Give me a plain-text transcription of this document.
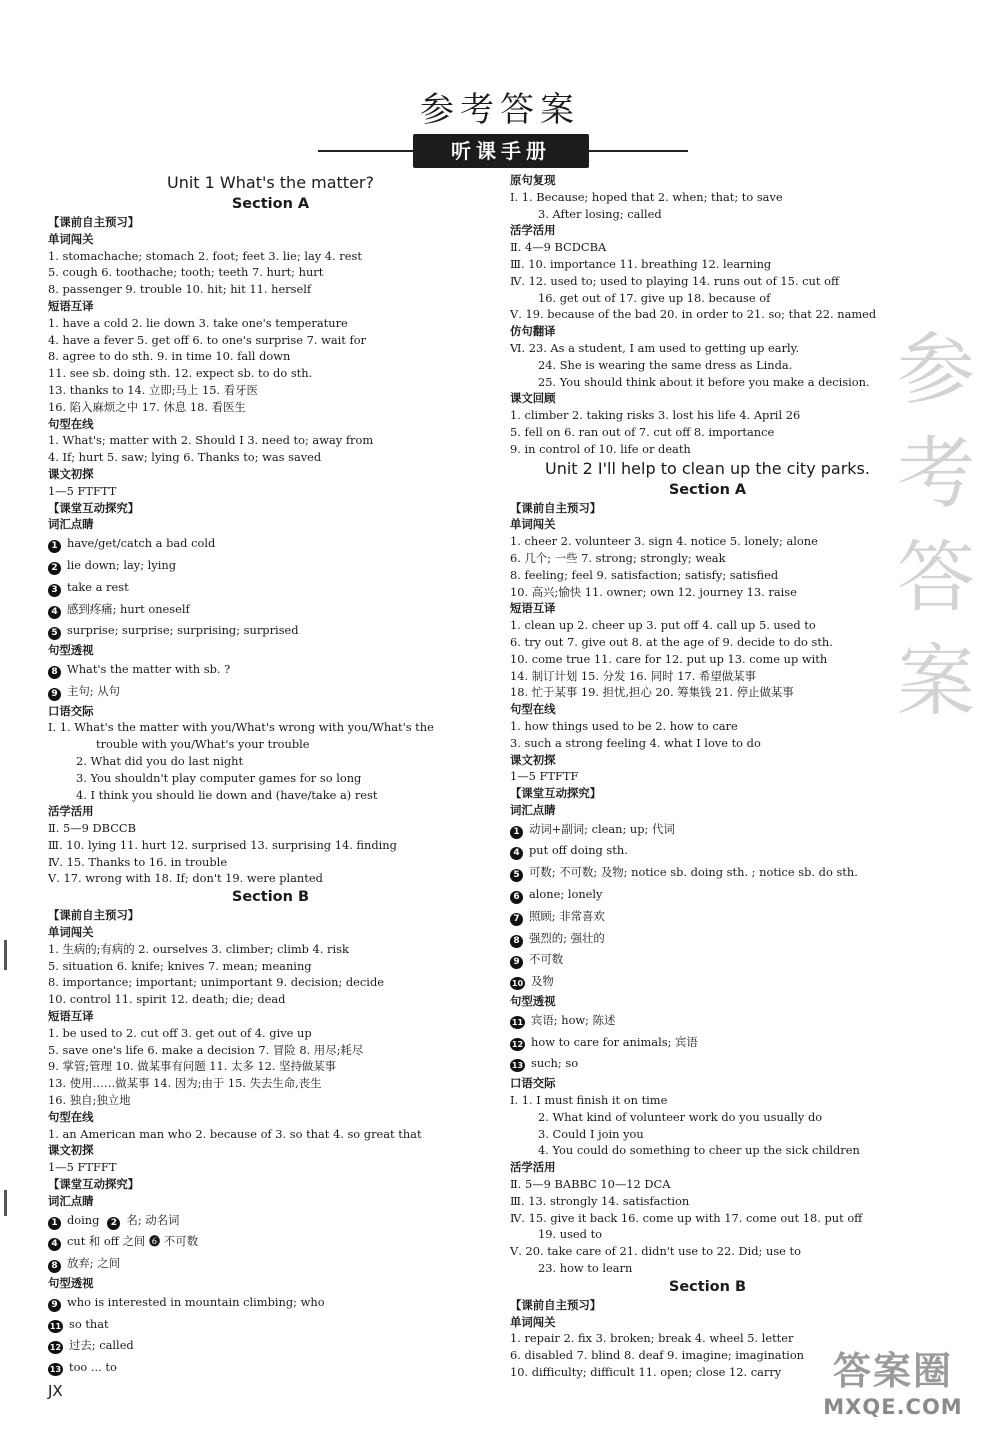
参考答案
听课手册
Unit 1 What's the matter?
Section A
【课前自主预习】
单词闯关
1. stomachache; stomach 2. foot; feet 3. lie; lay 4. rest
5. cough 6. toothache; tooth; teeth 7. hurt; hurt
8. passenger 9. trouble 10. hit; hit 11. herself
短语互译
1. have a cold 2. lie down 3. take one's temperature
4. have a fever 5. get off 6. to one's surprise 7. wait for
8. agree to do sth. 9. in time 10. fall down
11. see sb. doing sth. 12. expect sb. to do sth.
13. thanks to 14. 立即;马上 15. 看牙医
16. 陷入麻烦之中 17. 休息 18. 看医生
句型在线
1. What's; matter with 2. Should I 3. need to; away from
4. If; hurt 5. saw; lying 6. Thanks to; was saved
课文初探
1—5 FTFTT
【课堂互动探究】
词汇点睛
1 have/get/catch a bad cold
2 lie down; lay; lying
3 take a rest
4 感到疼痛; hurt oneself
5 surprise; surprise; surprising; surprised
句型透视
8 What's the matter with sb. ?
9 主句; 从句
口语交际
Ⅰ. 1. What's the matter with you/What's wrong with you/What's the
trouble with you/What's your trouble
2. What did you do last night
3. You shouldn't play computer games for so long
4. I think you should lie down and (have/take a) rest
活学活用
Ⅱ. 5—9 DBCCB
Ⅲ. 10. lying 11. hurt 12. surprised 13. surprising 14. finding
Ⅳ. 15. Thanks to 16. in trouble
Ⅴ. 17. wrong with 18. If; don't 19. were planted
Section B
【课前自主预习】
单词闯关
1. 生病的;有病的 2. ourselves 3. climber; climb 4. risk
5. situation 6. knife; knives 7. mean; meaning
8. importance; important; unimportant 9. decision; decide
10. control 11. spirit 12. death; die; dead
短语互译
1. be used to 2. cut off 3. get out of 4. give up
5. save one's life 6. make a decision 7. 冒险 8. 用尽;耗尽
9. 掌管;管理 10. 做某事有问题 11. 太多 12. 坚持做某事
13. 使用……做某事 14. 因为;由于 15. 失去生命,丧生
16. 独自;独立地
句型在线
1. an American man who 2. because of 3. so that 4. so great that
课文初探
1—5 FTFFT
【课堂互动探究】
词汇点睛
1 doing 2 名; 动名词
4 cut 和 off 之间 ❻ 不可数
8 放弃; 之间
句型透视
9 who is interested in mountain climbing; who
11 so that
12 过去; called
13 too ... to
原句复现
Ⅰ. 1. Because; hoped that 2. when; that; to save
3. After losing; called
活学活用
Ⅱ. 4—9 BCDCBA
Ⅲ. 10. importance 11. breathing 12. learning
Ⅳ. 12. used to; used to playing 14. runs out of 15. cut off
16. get out of 17. give up 18. because of
Ⅴ. 19. because of the bad 20. in order to 21. so; that 22. named
仿句翻译
Ⅵ. 23. As a student, I am used to getting up early.
24. She is wearing the same dress as Linda.
25. You should think about it before you make a decision.
课文回顾
1. climber 2. taking risks 3. lost his life 4. April 26
5. fell on 6. ran out of 7. cut off 8. importance
9. in control of 10. life or death
Unit 2 I'll help to clean up the city parks.
Section A
【课前自主预习】
单词闯关
1. cheer 2. volunteer 3. sign 4. notice 5. lonely; alone
6. 几个; 一些 7. strong; strongly; weak
8. feeling; feel 9. satisfaction; satisfy; satisfied
10. 高兴;愉快 11. owner; own 12. journey 13. raise
短语互译
1. clean up 2. cheer up 3. put off 4. call up 5. used to
6. try out 7. give out 8. at the age of 9. decide to do sth.
10. come true 11. care for 12. put up 13. come up with
14. 制订计划 15. 分发 16. 同时 17. 希望做某事
18. 忙于某事 19. 担忧,担心 20. 筹集钱 21. 停止做某事
句型在线
1. how things used to be 2. how to care
3. such a strong feeling 4. what I love to do
课文初探
1—5 FTFTF
【课堂互动探究】
词汇点睛
1 动词+副词; clean; up; 代词
4 put off doing sth.
5 可数; 不可数; 及物; notice sb. doing sth. ; notice sb. do sth.
6 alone; lonely
7 照顾; 非常喜欢
8 强烈的; 强壮的
9 不可数
10 及物
句型透视
11 宾语; how; 陈述
12 how to care for animals; 宾语
13 such; so
口语交际
Ⅰ. 1. I must finish it on time
2. What kind of volunteer work do you usually do
3. Could I join you
4. You could do something to cheer up the sick children
活学活用
Ⅱ. 5—9 BABBC 10—12 DCA
Ⅲ. 13. strongly 14. satisfaction
Ⅳ. 15. give it back 16. come up with 17. come out 18. put off
19. used to
Ⅴ. 20. take care of 21. didn't use to 22. Did; use to
23. how to learn
Section B
【课前自主预习】
单词闯关
1. repair 2. fix 3. broken; break 4. wheel 5. letter
6. disabled 7. blind 8. deaf 9. imagine; imagination
10. difficulty; difficult 11. open; close 12. carry
参
考
答
案
JX	答案圈
MXQE.COM
